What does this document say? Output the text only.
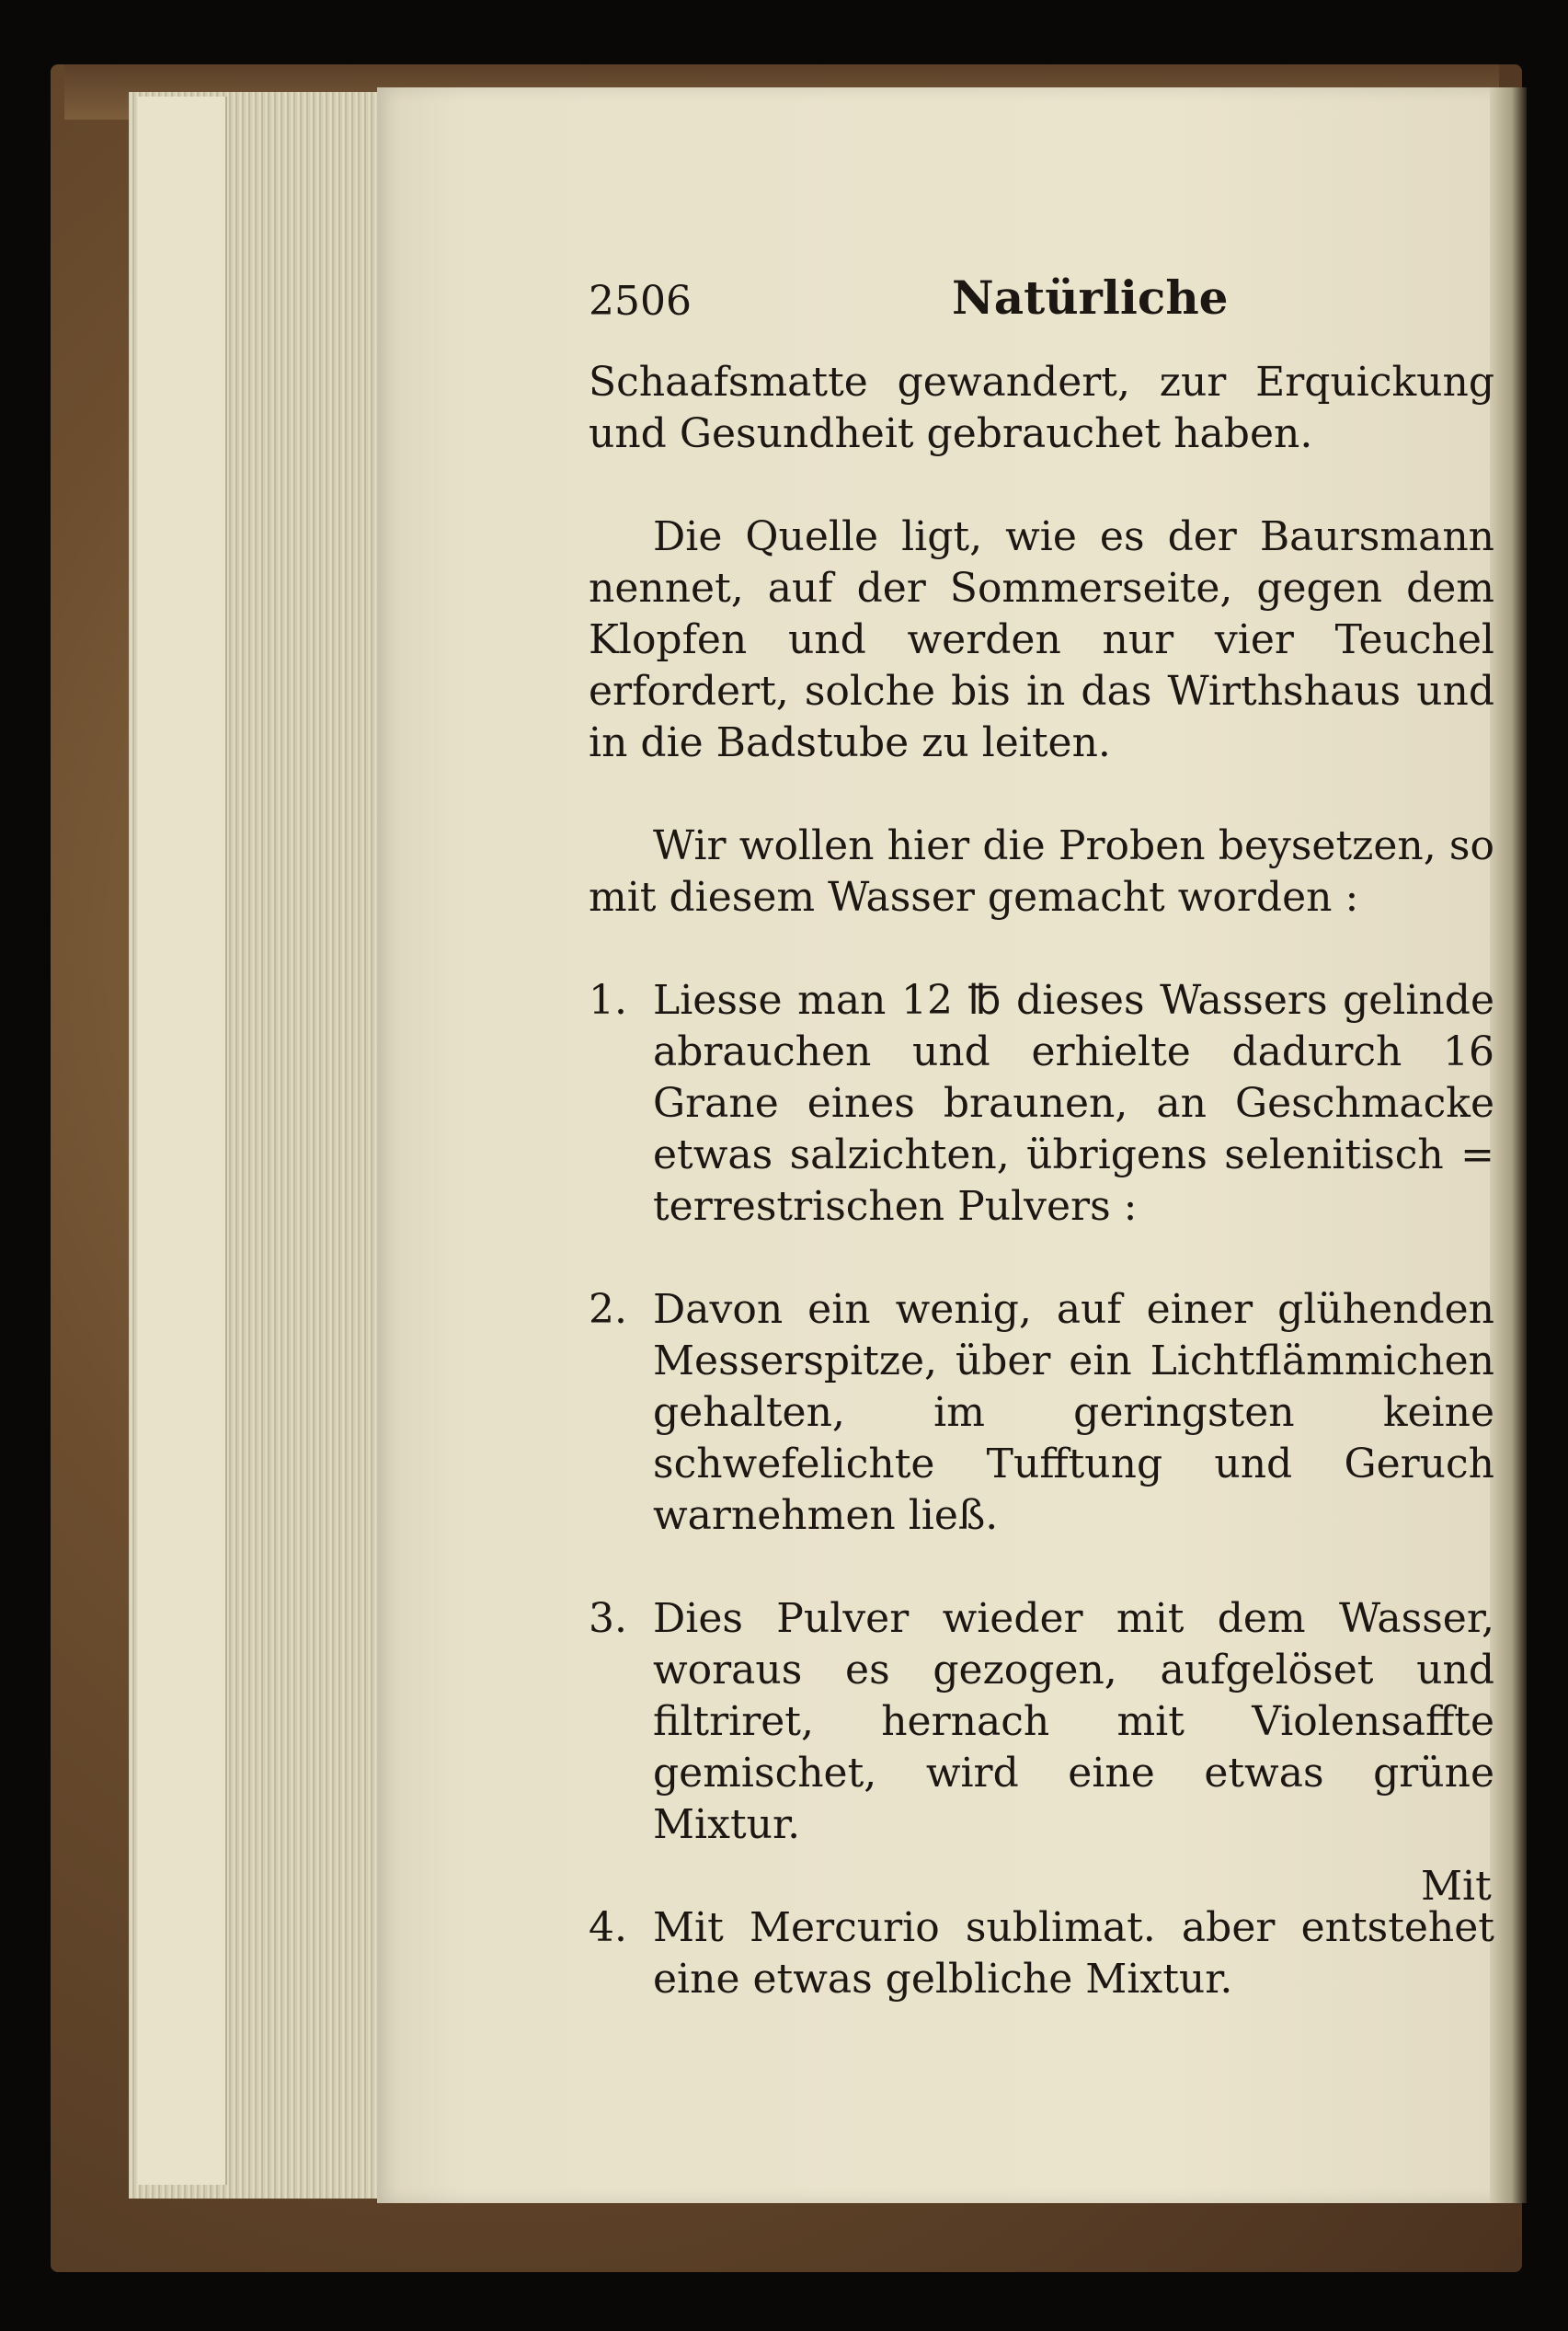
2506	Natürliche

Schaafsmatte gewandert, zur Erquickung und Gesundheit gebrauchet haben.

Die Quelle ligt, wie es der Baursmann nennet, auf der Sommerseite, gegen dem Klopfen und werden nur vier Teuchel erfordert, solche bis in das Wirthshaus und in die Badstube zu leiten.

Wir wollen hier die Proben beysetzen, so mit diesem Wasser gemacht worden :

1. Liesse man 12 ℔ dieses Wassers gelinde abrauchen und erhielte dadurch 16 Grane eines braunen, an Geschmacke etwas salzichten, übrigens selenitisch = terrestrischen Pulvers :
2. Davon ein wenig, auf einer glühenden Messerspitze, über ein Lichtflämmichen gehalten, im geringsten keine schwefelichte Tufftung und Geruch warnehmen ließ.
3. Dies Pulver wieder mit dem Wasser, woraus es gezogen, aufgelöset und filtriret, hernach mit Violensaffte gemischet, wird eine etwas grüne Mixtur.
4. Mit Mercurio sublimat. aber entstehet eine etwas gelbliche Mixtur.
Mit
